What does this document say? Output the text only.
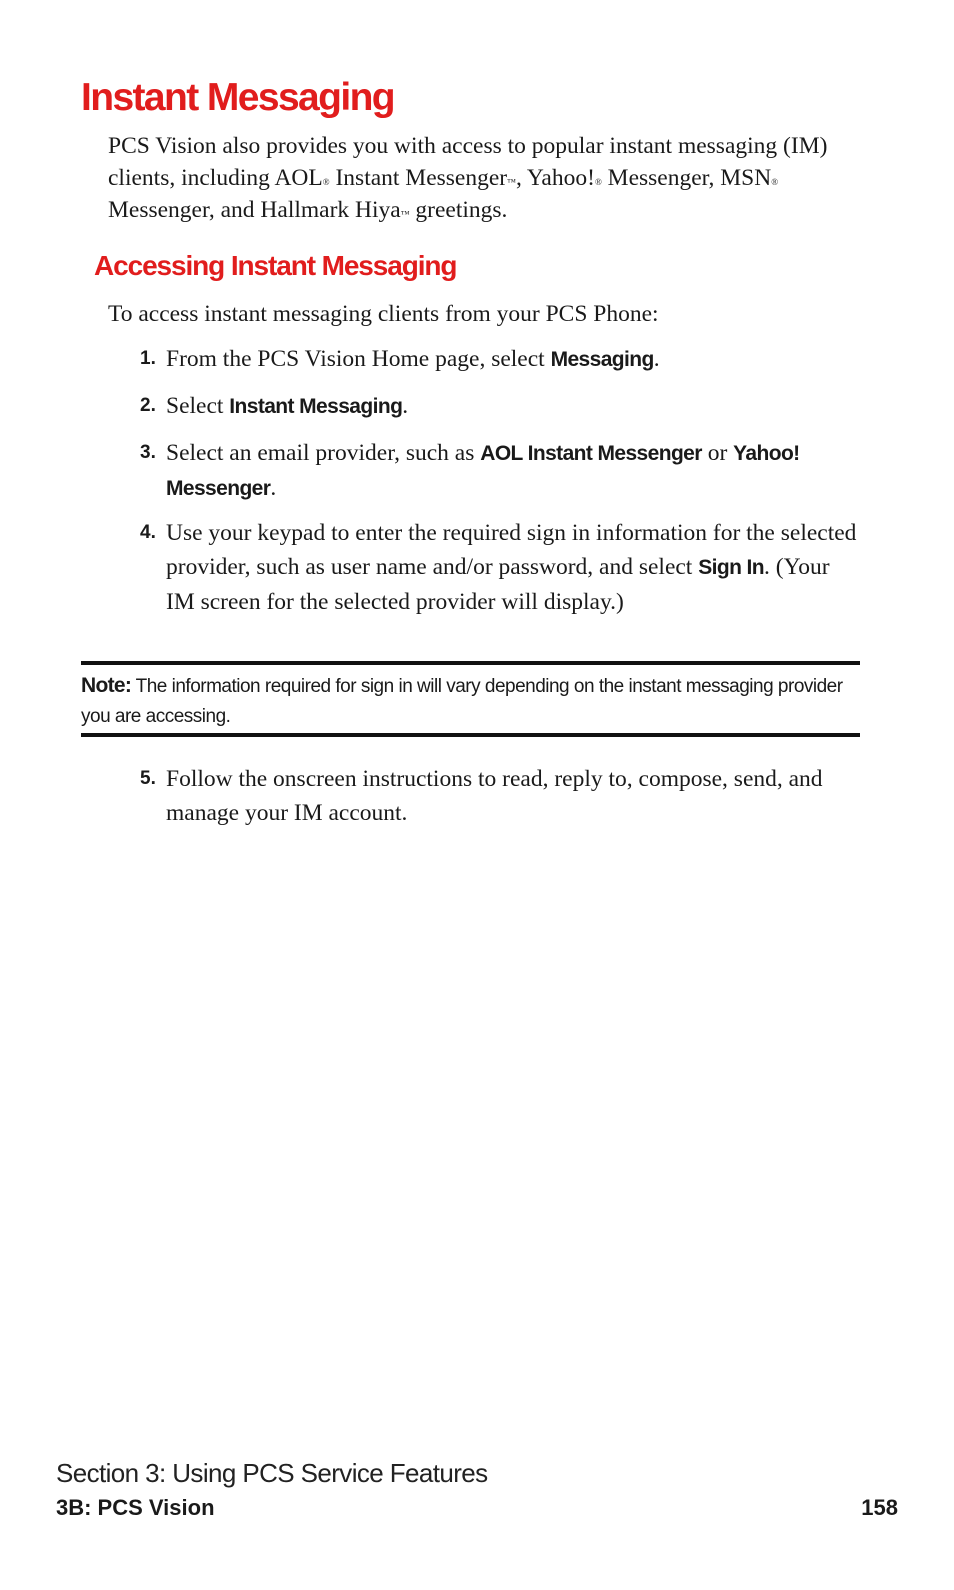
Instant Messaging

PCS Vision also provides you with access to popular instant messaging (IM) clients, including AOL® Instant Messenger™, Yahoo!® Messenger, MSN® Messenger, and Hallmark Hiya™ greetings.

Accessing Instant Messaging

To access instant messaging clients from your PCS Phone:

1. From the PCS Vision Home page, select Messaging.
2. Select Instant Messaging.
3. Select an email provider, such as AOL Instant Messenger or Yahoo! Messenger.
4. Use your keypad to enter the required sign in information for the selected provider, such as user name and/or password, and select Sign In. (Your IM screen for the selected provider will display.)

Note: The information required for sign in will vary depending on the instant messaging provider you are accessing.

5. Follow the onscreen instructions to read, reply to, compose, send, and manage your IM account.

Section 3: Using PCS Service Features

3B: PCS Vision	158
